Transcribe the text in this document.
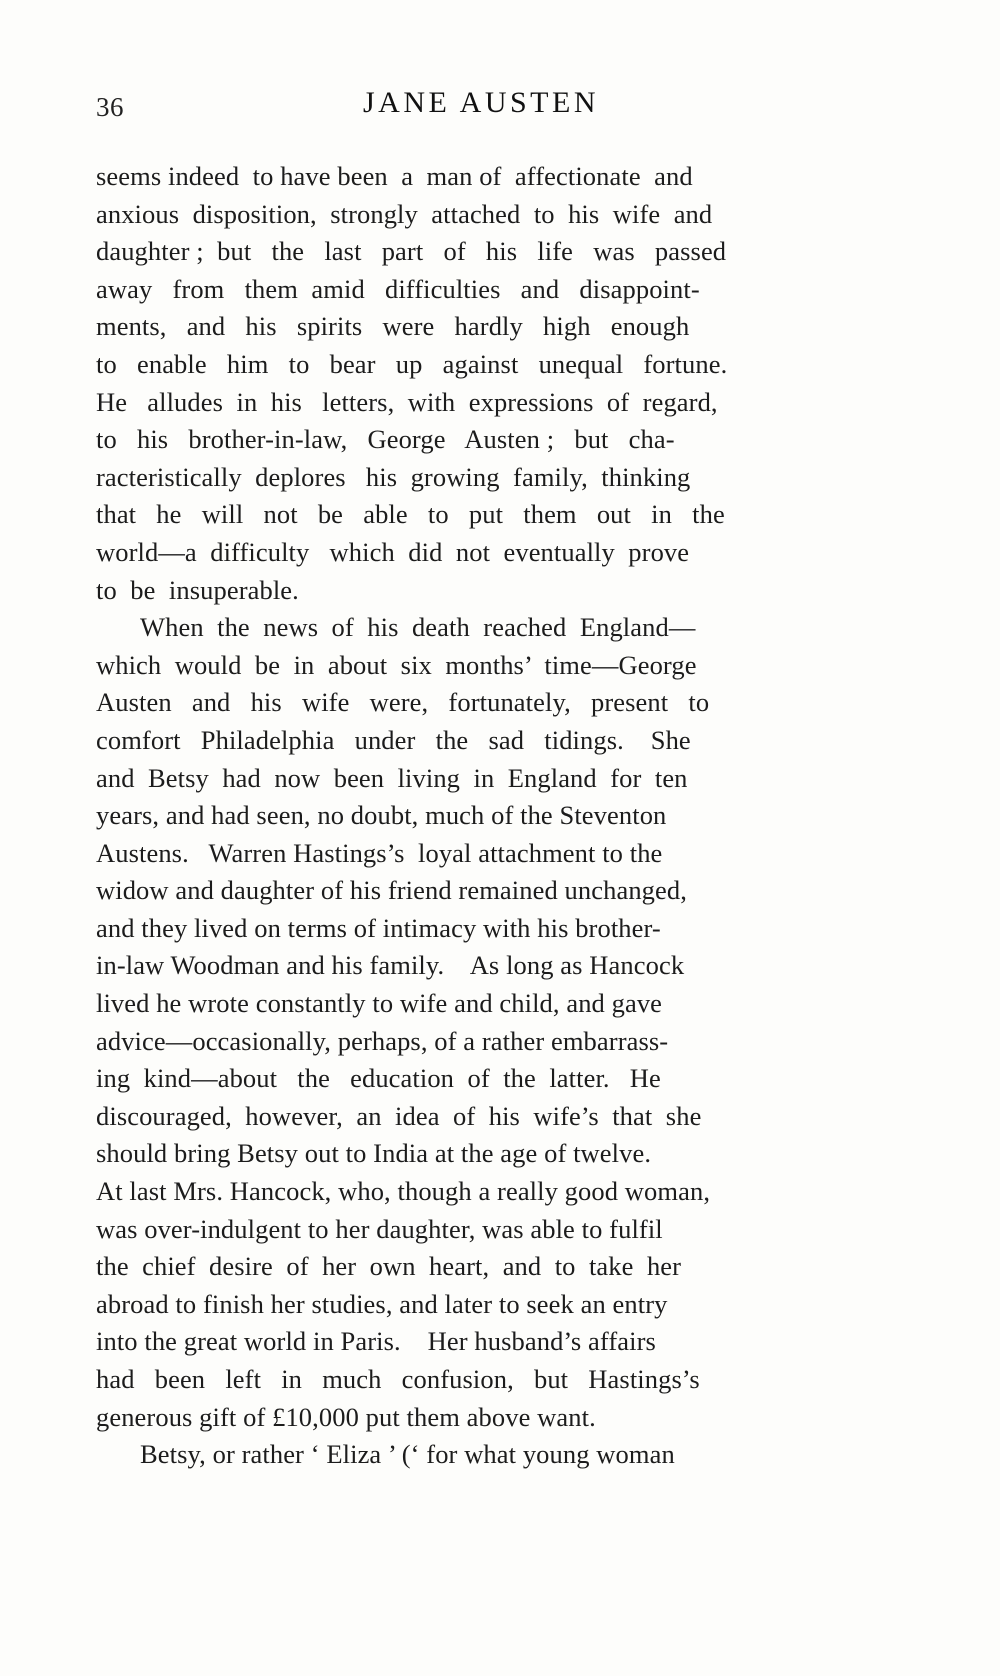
36	JANE AUSTEN
seems indeed  to have been  a  man of  affectionate  and
anxious  disposition,  strongly  attached  to  his  wife  and
daughter ;  but   the   last   part   of   his   life   was   passed
away   from   them  amid   difficulties   and   disappoint-
ments,   and   his   spirits   were   hardly   high   enough
to   enable   him   to   bear   up   against   unequal   fortune.
He   alludes  in  his   letters,  with  expressions  of  regard,
to   his   brother-in-law,   George   Austen ;   but   cha-
racteristically  deplores   his  growing  family,  thinking
that   he   will   not   be   able   to   put   them   out   in   the
world—a  difficulty   which  did  not  eventually  prove
to  be  insuperable.
When  the  news  of  his  death  reached  England—
which  would  be  in  about  six  months’  time—George
Austen   and   his   wife   were,   fortunately,   present   to
comfort   Philadelphia   under   the   sad   tidings.    She
and  Betsy  had  now  been  living  in  England  for  ten
years, and had seen, no doubt, much of the Steventon
Austens.   Warren Hastings’s  loyal attachment to the
widow and daughter of his friend remained unchanged,
and they lived on terms of intimacy with his brother-
in-law Woodman and his family.    As long as Hancock
lived he wrote constantly to wife and child, and gave
advice—occasionally, perhaps, of a rather embarrass-
ing  kind—about   the   education  of  the  latter.   He
discouraged,  however,  an  idea  of  his  wife’s  that  she
should bring Betsy out to India at the age of twelve.
At last Mrs. Hancock, who, though a really good woman,
was over-indulgent to her daughter, was able to fulfil
the  chief  desire  of  her  own  heart,  and  to  take  her
abroad to finish her studies, and later to seek an entry
into the great world in Paris.    Her husband’s affairs
had   been   left   in   much   confusion,   but   Hastings’s
generous gift of £10,000 put them above want.
Betsy, or rather ‘ Eliza ’ (‘ for what young woman
